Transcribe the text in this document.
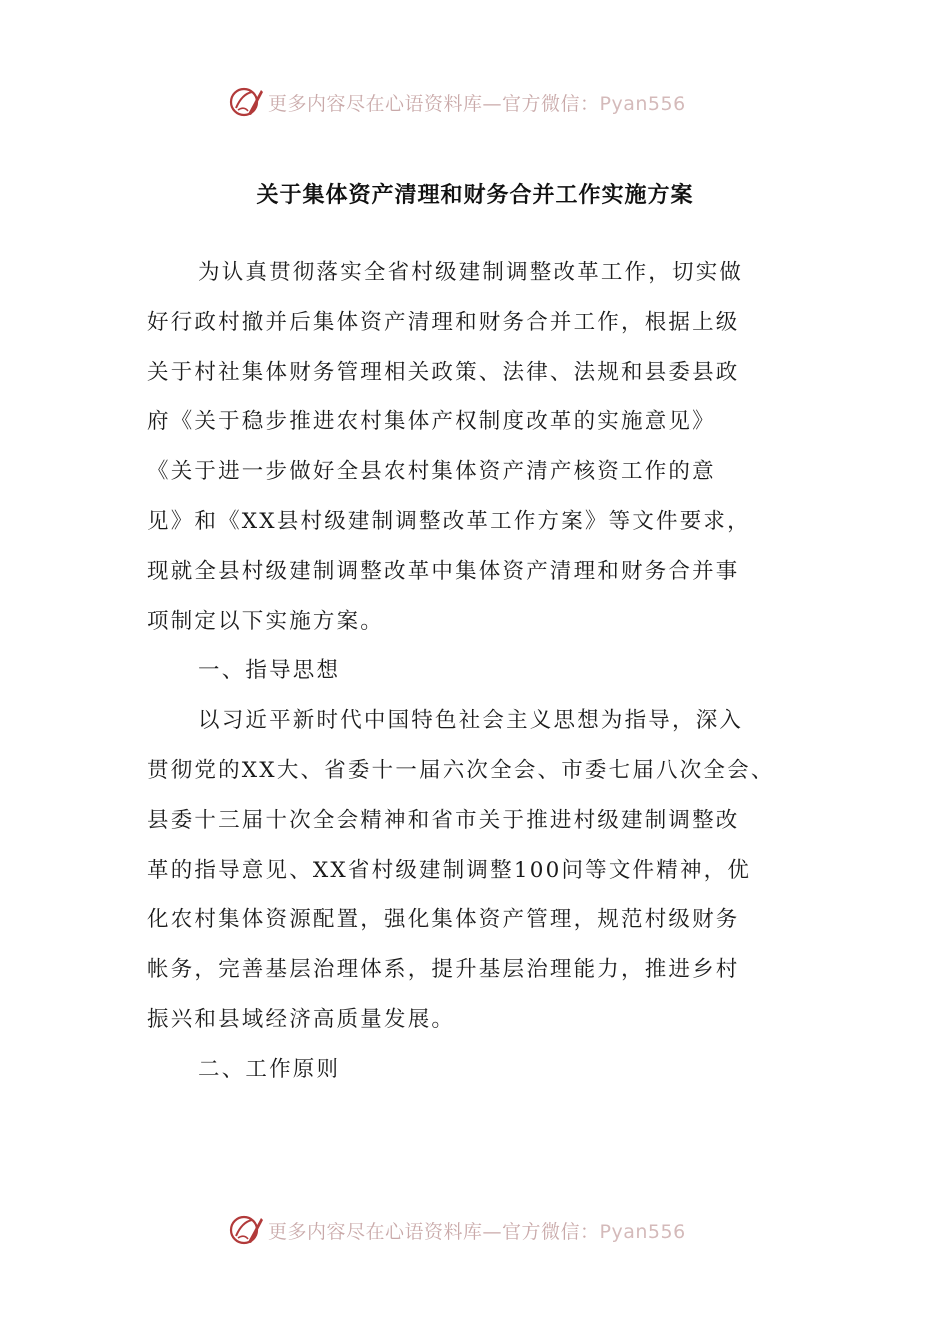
更多内容尽在心语资料库—官方微信：Pyan556
关于集体资产清理和财务合并工作实施方案
为认真贯彻落实全省村级建制调整改革工作，切实做
好行政村撤并后集体资产清理和财务合并工作，根据上级
关于村社集体财务管理相关政策、法律、法规和县委县政
府《关于稳步推进农村集体产权制度改革的实施意见》
《关于进一步做好全县农村集体资产清产核资工作的意
见》和《XX县村级建制调整改革工作方案》等文件要求，
现就全县村级建制调整改革中集体资产清理和财务合并事
项制定以下实施方案。
一、指导思想
以习近平新时代中国特色社会主义思想为指导，深入
贯彻党的XX大、省委十一届六次全会、市委七届八次全会、
县委十三届十次全会精神和省市关于推进村级建制调整改
革的指导意见、XX省村级建制调整100问等文件精神，优
化农村集体资源配置，强化集体资产管理，规范村级财务
帐务，完善基层治理体系，提升基层治理能力，推进乡村
振兴和县域经济高质量发展。
二、工作原则
更多内容尽在心语资料库—官方微信：Pyan556
